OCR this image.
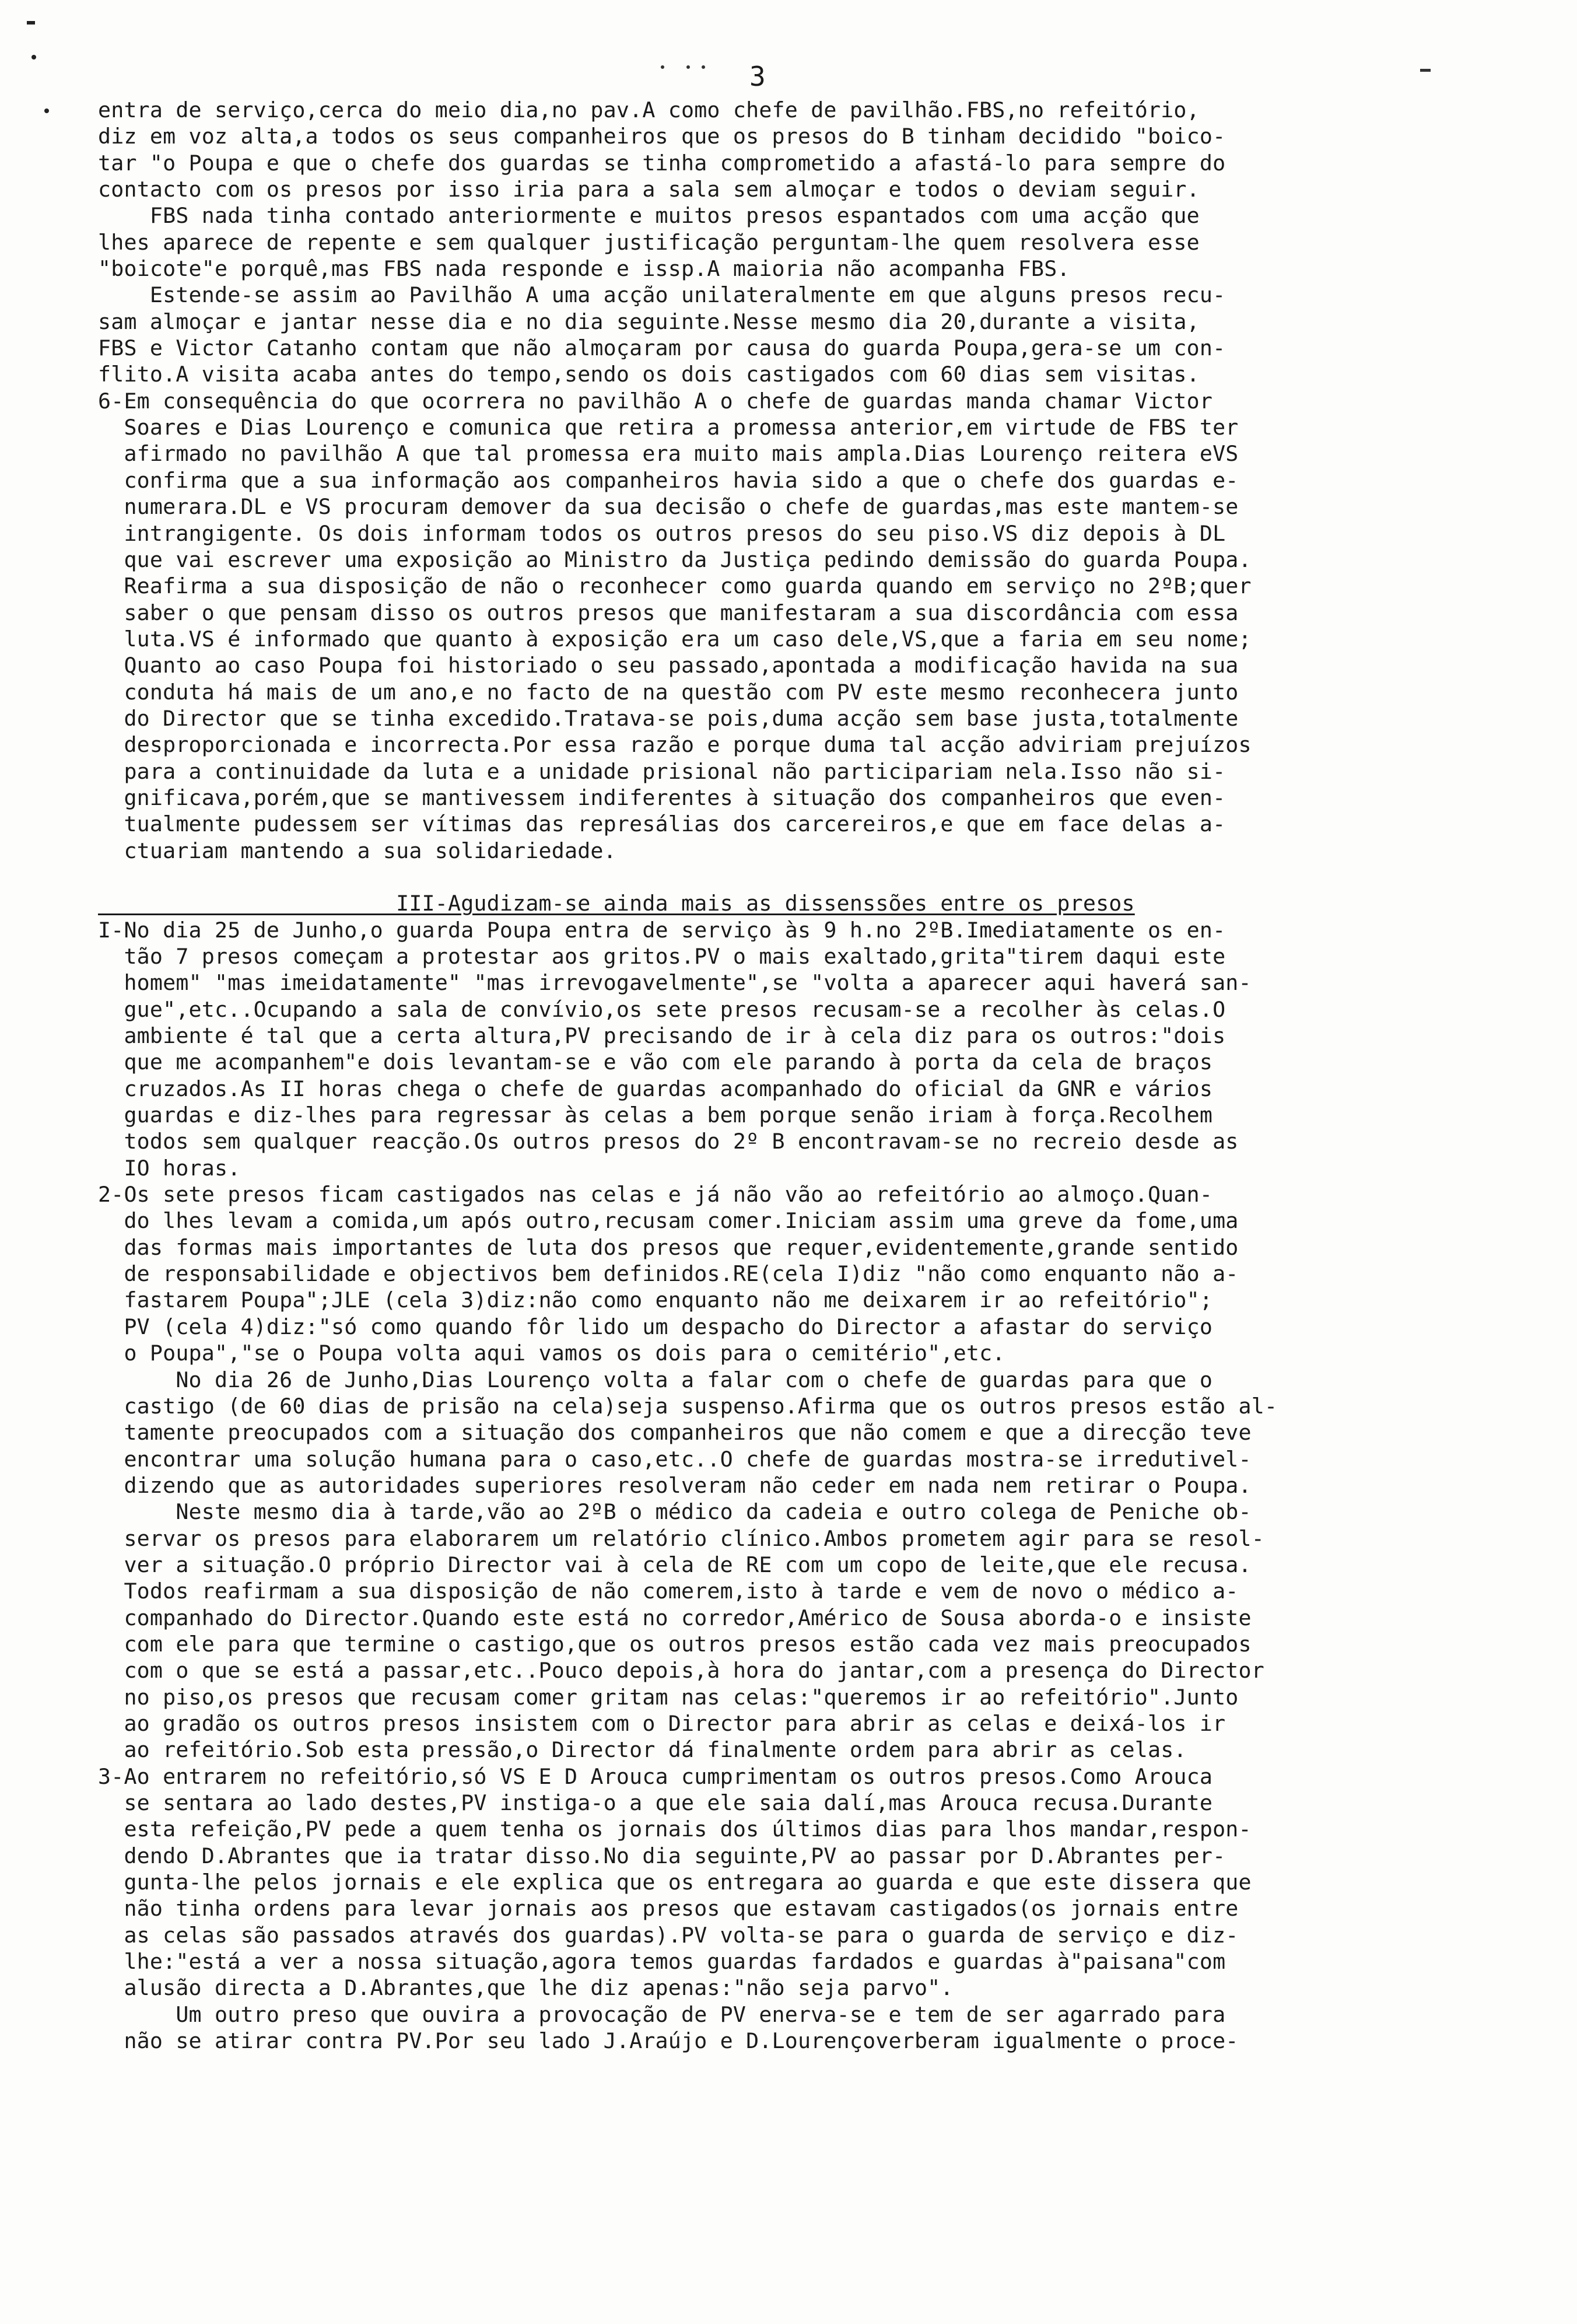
3
entra de serviço,cerca do meio dia,no pav.A como chefe de pavilhão.FBS,no refeitório,
diz em voz alta,a todos os seus companheiros que os presos do B tinham decidido "boico-
tar "o Poupa e que o chefe dos guardas se tinha comprometido a afastá-lo para sempre do
contacto com os presos por isso iria para a sala sem almoçar e todos o deviam seguir.
FBS nada tinha contado anteriormente e muitos presos espantados com uma acção que
lhes aparece de repente e sem qualquer justificação perguntam-lhe quem resolvera esse
"boicote"e porquê,mas FBS nada responde e issp.A maioria não acompanha FBS.
Estende-se assim ao Pavilhão A uma acção unilateralmente em que alguns presos recu-
sam almoçar e jantar nesse dia e no dia seguinte.Nesse mesmo dia 20,durante a visita,
FBS e Victor Catanho contam que não almoçaram por causa do guarda Poupa,gera-se um con-
flito.A visita acaba antes do tempo,sendo os dois castigados com 60 dias sem visitas.
6-Em consequência do que ocorrera no pavilhão A o chefe de guardas manda chamar Victor
Soares e Dias Lourenço e comunica que retira a promessa anterior,em virtude de FBS ter
afirmado no pavilhão A que tal promessa era muito mais ampla.Dias Lourenço reitera eVS
confirma que a sua informação aos companheiros havia sido a que o chefe dos guardas e-
numerara.DL e VS procuram demover da sua decisão o chefe de guardas,mas este mantem-se
intrangigente. Os dois informam todos os outros presos do seu piso.VS diz depois à DL
que vai escrever uma exposição ao Ministro da Justiça pedindo demissão do guarda Poupa.
Reafirma a sua disposição de não o reconhecer como guarda quando em serviço no 2ºB;quer
saber o que pensam disso os outros presos que manifestaram a sua discordância com essa
luta.VS é informado que quanto à exposição era um caso dele,VS,que a faria em seu nome;
Quanto ao caso Poupa foi historiado o seu passado,apontada a modificação havida na sua
conduta há mais de um ano,e no facto de na questão com PV este mesmo reconhecera junto
do Director que se tinha excedido.Tratava-se pois,duma acção sem base justa,totalmente
desproporcionada e incorrecta.Por essa razão e porque duma tal acção adviriam prejuízos
para a continuidade da luta e a unidade prisional não participariam nela.Isso não si-
gnificava,porém,que se mantivessem indiferentes à situação dos companheiros que even-
tualmente pudessem ser vítimas das represálias dos carcereiros,e que em face delas a-
ctuariam mantendo a sua solidariedade.
III-Agudizam-se ainda mais as dissenssões entre os presos
I-No dia 25 de Junho,o guarda Poupa entra de serviço às 9 h.no 2ºB.Imediatamente os en-
tão 7 presos começam a protestar aos gritos.PV o mais exaltado,grita"tirem daqui este
homem" "mas imeidatamente" "mas irrevogavelmente",se "volta a aparecer aqui haverá san-
gue",etc..Ocupando a sala de convívio,os sete presos recusam-se a recolher às celas.O
ambiente é tal que a certa altura,PV precisando de ir à cela diz para os outros:"dois
que me acompanhem"e dois levantam-se e vão com ele parando à porta da cela de braços
cruzados.As II horas chega o chefe de guardas acompanhado do oficial da GNR e vários
guardas e diz-lhes para regressar às celas a bem porque senão iriam à força.Recolhem
todos sem qualquer reacção.Os outros presos do 2º B encontravam-se no recreio desde as
IO horas.
2-Os sete presos ficam castigados nas celas e já não vão ao refeitório ao almoço.Quan-
do lhes levam a comida,um após outro,recusam comer.Iniciam assim uma greve da fome,uma
das formas mais importantes de luta dos presos que requer,evidentemente,grande sentido
de responsabilidade e objectivos bem definidos.RE(cela I)diz "não como enquanto não a-
fastarem Poupa";JLE (cela 3)diz:não como enquanto não me deixarem ir ao refeitório";
PV (cela 4)diz:"só como quando fôr lido um despacho do Director a afastar do serviço
o Poupa","se o Poupa volta aqui vamos os dois para o cemitério",etc.
No dia 26 de Junho,Dias Lourenço volta a falar com o chefe de guardas para que o
castigo (de 60 dias de prisão na cela)seja suspenso.Afirma que os outros presos estão al-
tamente preocupados com a situação dos companheiros que não comem e que a direcção teve
encontrar uma solução humana para o caso,etc..O chefe de guardas mostra-se irredutivel-
dizendo que as autoridades superiores resolveram não ceder em nada nem retirar o Poupa.
Neste mesmo dia à tarde,vão ao 2ºB o médico da cadeia e outro colega de Peniche ob-
servar os presos para elaborarem um relatório clínico.Ambos prometem agir para se resol-
ver a situação.O próprio Director vai à cela de RE com um copo de leite,que ele recusa.
Todos reafirmam a sua disposição de não comerem,isto à tarde e vem de novo o médico a-
companhado do Director.Quando este está no corredor,Américo de Sousa aborda-o e insiste
com ele para que termine o castigo,que os outros presos estão cada vez mais preocupados
com o que se está a passar,etc..Pouco depois,à hora do jantar,com a presença do Director
no piso,os presos que recusam comer gritam nas celas:"queremos ir ao refeitório".Junto
ao gradão os outros presos insistem com o Director para abrir as celas e deixá-los ir
ao refeitório.Sob esta pressão,o Director dá finalmente ordem para abrir as celas.
3-Ao entrarem no refeitório,só VS E D Arouca cumprimentam os outros presos.Como Arouca
se sentara ao lado destes,PV instiga-o a que ele saia dalí,mas Arouca recusa.Durante
esta refeição,PV pede a quem tenha os jornais dos últimos dias para lhos mandar,respon-
dendo D.Abrantes que ia tratar disso.No dia seguinte,PV ao passar por D.Abrantes per-
gunta-lhe pelos jornais e ele explica que os entregara ao guarda e que este dissera que
não tinha ordens para levar jornais aos presos que estavam castigados(os jornais entre
as celas são passados através dos guardas).PV volta-se para o guarda de serviço e diz-
lhe:"está a ver a nossa situação,agora temos guardas fardados e guardas à"paisana"com
alusão directa a D.Abrantes,que lhe diz apenas:"não seja parvo".
Um outro preso que ouvira a provocação de PV enerva-se e tem de ser agarrado para
não se atirar contra PV.Por seu lado J.Araújo e D.Lourençoverberam igualmente o proce-
